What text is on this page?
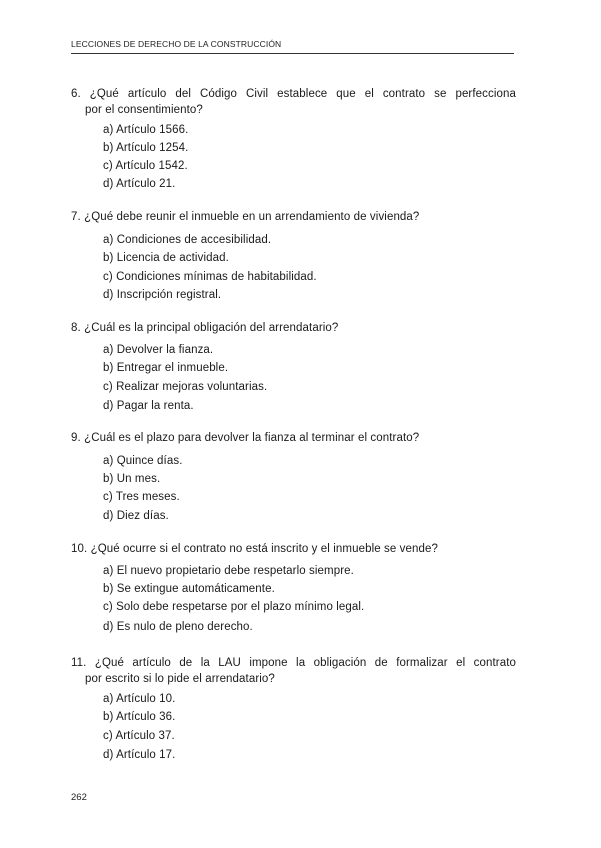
LECCIONES DE DERECHO DE LA CONSTRUCCIÓN
6. ¿Qué artículo del Código Civil establece que el contrato se perfecciona
por el consentimiento?
a) Artículo 1566.
b) Artículo 1254.
c) Artículo 1542.
d) Artículo 21.
7. ¿Qué debe reunir el inmueble en un arrendamiento de vivienda?
a) Condiciones de accesibilidad.
b) Licencia de actividad.
c) Condiciones mínimas de habitabilidad.
d) Inscripción registral.
8. ¿Cuál es la principal obligación del arrendatario?
a) Devolver la fianza.
b) Entregar el inmueble.
c) Realizar mejoras voluntarias.
d) Pagar la renta.
9. ¿Cuál es el plazo para devolver la fianza al terminar el contrato?
a) Quince días.
b) Un mes.
c) Tres meses.
d) Diez días.
10. ¿Qué ocurre si el contrato no está inscrito y el inmueble se vende?
a) El nuevo propietario debe respetarlo siempre.
b) Se extingue automáticamente.
c) Solo debe respetarse por el plazo mínimo legal.
d) Es nulo de pleno derecho.
11. ¿Qué artículo de la LAU impone la obligación de formalizar el contrato
por escrito si lo pide el arrendatario?
a) Artículo 10.
b) Artículo 36.
c) Artículo 37.
d) Artículo 17.
262
